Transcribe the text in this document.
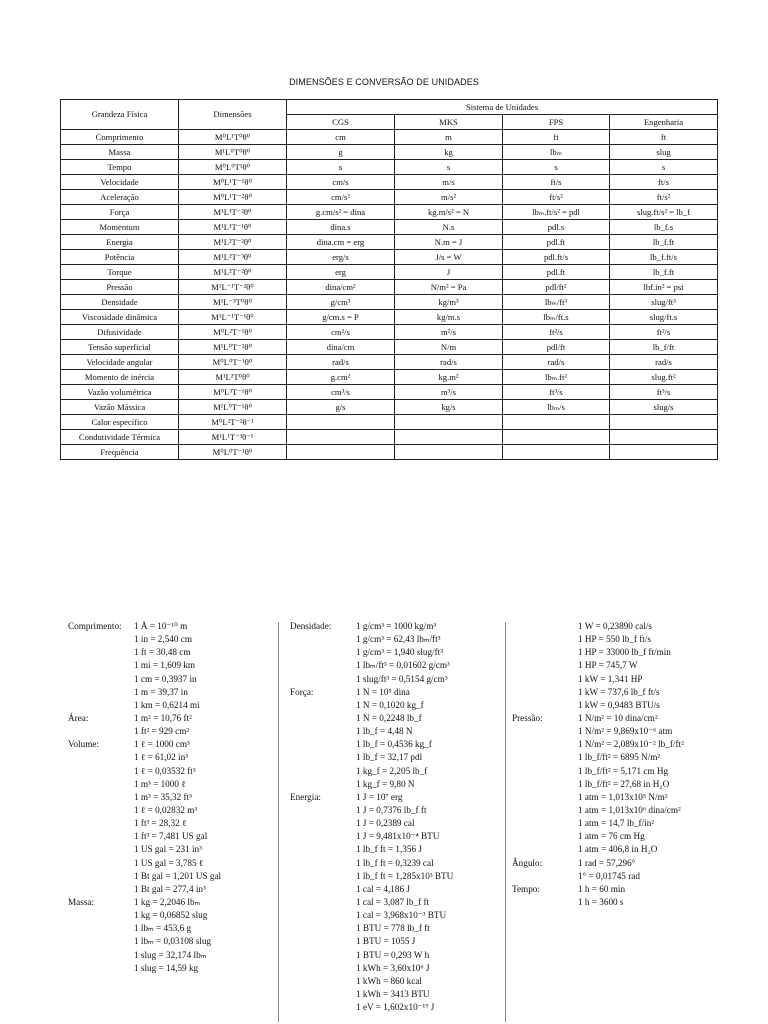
DIMENSÕES E CONVERSÃO DE UNIDADES
Grandeza Física	Dimensões	Sistema de Unidades			
		CGS	MKS	FPS	Engenharia
Comprimento	M⁰L¹T⁰θ⁰	cm	m	ft	ft
Massa	M¹L⁰T⁰θ⁰	g	kg	lbₘ	slug
Tempo	M⁰L⁰T¹θ⁰	s	s	s	s
Velocidade	M⁰L¹T⁻¹θ⁰	cm/s	m/s	ft/s	ft/s
Aceleração	M⁰L¹T⁻²θ⁰	cm/s²	m/s²	ft/s²	ft/s²
Força	M¹L¹T⁻²θ⁰	g.cm/s² = dina	kg.m/s² = N	lbₘ.ft/s² = pdl	slug.ft/s² = lb_f
Momentum	M¹L¹T⁻¹θ⁰	dina.s	N.s	pdl.s	lb_f.s
Energia	M¹L²T⁻²θ⁰	dina.cm = erg	N.m = J	pdl.ft	lb_f.ft
Potência	M¹L²T⁻³θ⁰	erg/s	J/s = W	pdl.ft/s	lb_f.ft/s
Torque	M¹L²T⁻²θ⁰	erg	J	pdl.ft	lb_f.ft
Pressão	M¹L⁻¹T⁻²θ⁰	dina/cm²	N/m² = Pa	pdl/ft²	lbf.in² = psi
Densidade	M¹L⁻³T⁰θ⁰	g/cm³	kg/m³	lbₘ/ft³	slug/ft³
Viscosidade dinâmica	M¹L⁻¹T⁻¹θ⁰	g/cm.s = P	kg/m.s	lbₘ/ft.s	slug/ft.s
Difusividade	M⁰L²T⁻¹θ⁰	cm²/s	m²/s	ft²/s	ft²/s
Tensão superficial	M¹L⁰T⁻²θ⁰	dina/cm	N/m	pdl/ft	lb_f/ft
Velocidade angular	M⁰L⁰T⁻¹θ⁰	rad/s	rad/s	rad/s	rad/s
Momento de inércia	M¹L²T⁰θ⁰	g.cm²	kg.m²	lbₘ.ft²	slug.ft²
Vazão volumétrica	M⁰L³T⁻¹θ⁰	cm³/s	m³/s	ft³/s	ft³/s
Vazão Mássica	M¹L⁰T⁻¹θ⁰	g/s	kg/s	lbₘ/s	slug/s
Calor específico	M⁰L²T⁻²θ⁻¹				
Condutividade Térmica	M¹L¹T⁻³θ⁻¹				
Frequência	M⁰L⁰T⁻¹θ⁰				
Comprimento:	1 Å = 10⁻¹⁰ m
1 in = 2,540 cm
1 ft = 30,48 cm
1 mi = 1,609 km
1 cm = 0,3937 in
1 m = 39,37 in
1 km = 0,6214 mi
Área:	1 m² = 10,76 ft²
1 ft² = 929 cm²
Volume:	1 ℓ = 1000 cm³
1 ℓ = 61,02 in³
1 ℓ = 0,03532 ft³
1 m³ = 1000 ℓ
1 m³ = 35,32 ft³
1 ℓ = 0,02832 m³
1 ft³ = 28,32 ℓ
1 ft³ = 7,481 US gal
1 US gal = 231 in³
1 US gal = 3,785 ℓ
1 Bt gal = 1,201 US gal
1 Bt gal = 277,4 in³
Massa:	1 kg = 2,2046 lbₘ
1 kg = 0,06852 slug
1 lbₘ = 453,6 g
1 lbₘ = 0,03108 slug
1 slug = 32,174 lbₘ
1 slug = 14,59 kg
Densidade:	1 g/cm³ = 1000 kg/m³
1 g/cm³ = 62,43 lbₘ/ft³
1 g/cm³ = 1,940 slug/ft³
1 lbₘ/ft³ = 0,01602 g/cm³
1 slug/ft³ = 0,5154 g/cm³
Força:	1 N = 10⁵ dina
1 N = 0,1020 kg_f
1 N = 0,2248 lb_f
1 lb_f = 4,48 N
1 lb_f = 0,4536 kg_f
1 lb_f = 32,17 pdl
1 kg_f = 2,205 lb_f
1 kg_f = 9,80 N
Energia:	1 J = 10⁷ erg
1 J = 0,7376 lb_f ft
1 J = 0,2389 cal
1 J = 9,481x10⁻⁴ BTU
1 lb_f ft = 1,356 J
1 lb_f ft = 0,3239 cal
1 lb_f ft = 1,285x10³ BTU
1 cal = 4,186 J
1 cal = 3,087 lb_f ft
1 cal = 3,968x10⁻³ BTU
1 BTU = 778 lb_f ft
1 BTU = 1055 J
1 BTU = 0,293 W h
1 kWh = 3,60x10⁶ J
1 kWh = 860 kcal
1 kWh = 3413 BTU
1 eV = 1,602x10⁻¹⁹ J
1 W = 0,23890 cal/s
1 HP = 550 lb_f ft/s
1 HP = 33000 lb_f ft/min
1 HP = 745,7 W
1 kW = 1,341 HP
1 kW = 737,6 lb_f ft/s
1 kW = 0,9483 BTU/s
Pressão:	1 N/m² = 10 dina/cm²
1 N/m² = 9,869x10⁻⁶ atm
1 N/m² = 2,089x10⁻² lb_f/ft²
1 lb_f/ft² = 6895 N/m²
1 lb_f/ft² = 5,171 cm Hg
1 lb_f/ft² = 27,68 in H₂O
1 atm = 1,013x10⁵ N/m²
1 atm = 1,013x10⁶ dina/cm²
1 atm = 14,7 lb_f/in²
1 atm = 76 cm Hg
1 atm = 406,8 in H₂O
Ângulo:	1 rad = 57,296°
1° = 0,01745 rad
Tempo:	1 h = 60 min
1 h = 3600 s
